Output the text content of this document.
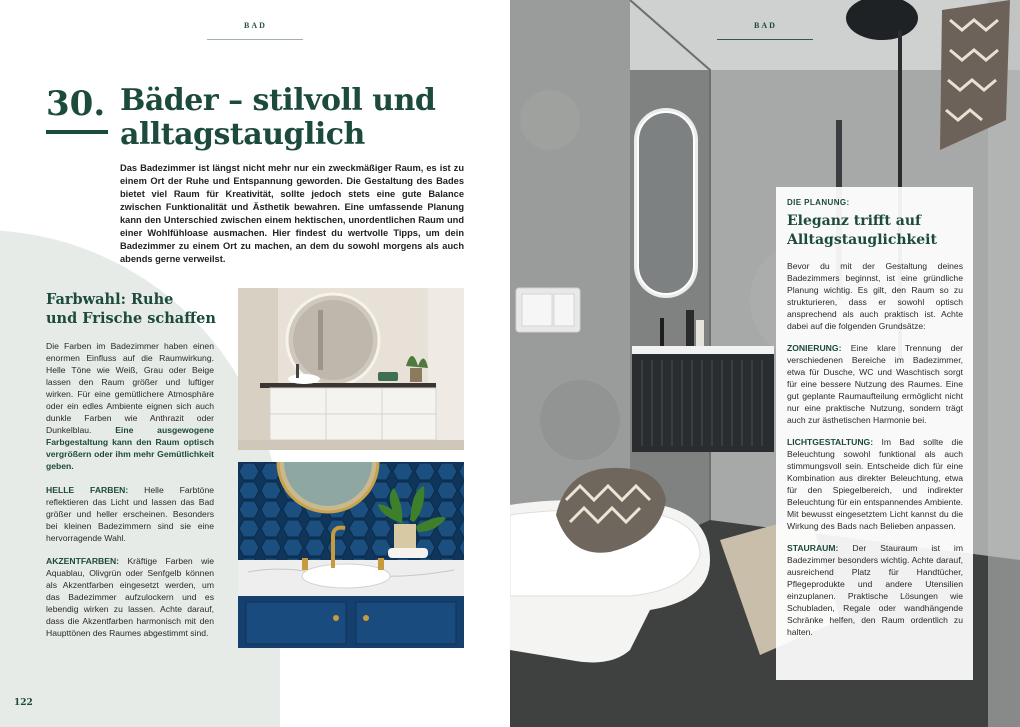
BAD
30. Bäder – stilvoll und
alltagstauglich

Das Badezimmer ist längst nicht mehr nur ein zweckmäßiger Raum, es ist zu einem Ort der Ruhe und Entspannung geworden. Die Gestaltung des Bades bietet viel Raum für Kreativität, sollte jedoch stets eine gute Balance zwischen Funktionalität und Ästhetik bewahren. Eine umfassende Planung kann den Unterschied zwischen einem hektischen, unordentlichen Raum und einer Wohlfühloase ausmachen. Hier findest du wertvolle Tipps, um dein Badezimmer zu einem Ort zu machen, an dem du sowohl morgens als auch abends gerne verweilst.

Farbwahl: Ruhe
und Frische schaffen

Die Farben im Badezimmer haben einen enormen Einfluss auf die Raumwirkung. Helle Töne wie Weiß, Grau oder Beige lassen den Raum größer und luftiger wirken. Für eine gemütlichere Atmosphäre oder ein edles Ambiente eignen sich auch dunkle Farben wie Anthrazit oder Dunkelblau.	Eine ausgewogene Farbgestaltung kann den Raum optisch vergrößern oder ihm mehr Gemütlichkeit geben.

HELLE FARBEN: Helle Farbtöne reflektieren das Licht und lassen das Bad größer und heller erscheinen. Besonders bei kleinen Badezimmern sind sie eine hervorragende Wahl.

AKZENTFARBEN: Kräftige Farben wie Aquablau, Olivgrün oder Senfgelb können als Akzentfarben eingesetzt werden, um das Badezimmer aufzulockern und es lebendig wirken zu lassen. Achte darauf, dass die Akzentfarben harmonisch mit den Haupttönen des Raumes abgestimmt sind.

122
DIE PLANUNG:
Eleganz trifft auf
Alltagstauglichkeit

Bevor du mit der Gestaltung deines Badezimmers beginnst, ist eine gründliche Planung wichtig. Es gilt, den Raum so zu strukturieren, dass er sowohl optisch ansprechend als auch praktisch ist. Achte dabei auf die folgenden Grundsätze:

ZONIERUNG: Eine klare Trennung der verschiedenen Bereiche im Badezimmer, etwa für Dusche, WC und Waschtisch sorgt für eine bessere Nutzung des Raumes. Eine gut geplante Raumaufteilung ermöglicht nicht nur eine praktische Nutzung, sondern trägt auch zur ästhetischen Harmonie bei.

LICHTGESTALTUNG: Im Bad sollte die Beleuchtung sowohl funktional als auch stimmungsvoll sein. Entscheide dich für eine Kombination aus direkter Beleuchtung, etwa für den Spiegelbereich, und indirekter Beleuchtung für ein entspannendes Ambiente. Mit bewusst eingesetztem Licht kannst du die Wirkung des Bads nach Belieben anpassen.

STAURAUM: Der Stauraum ist im Badezimmer besonders wichtig. Achte darauf, ausreichend Platz für Handtücher, Pflegeprodukte und andere Utensilien einzuplanen. Praktische Lösungen wie Schubladen, Regale oder wandhängende Schränke helfen, den Raum ordentlich zu halten.

BAD
